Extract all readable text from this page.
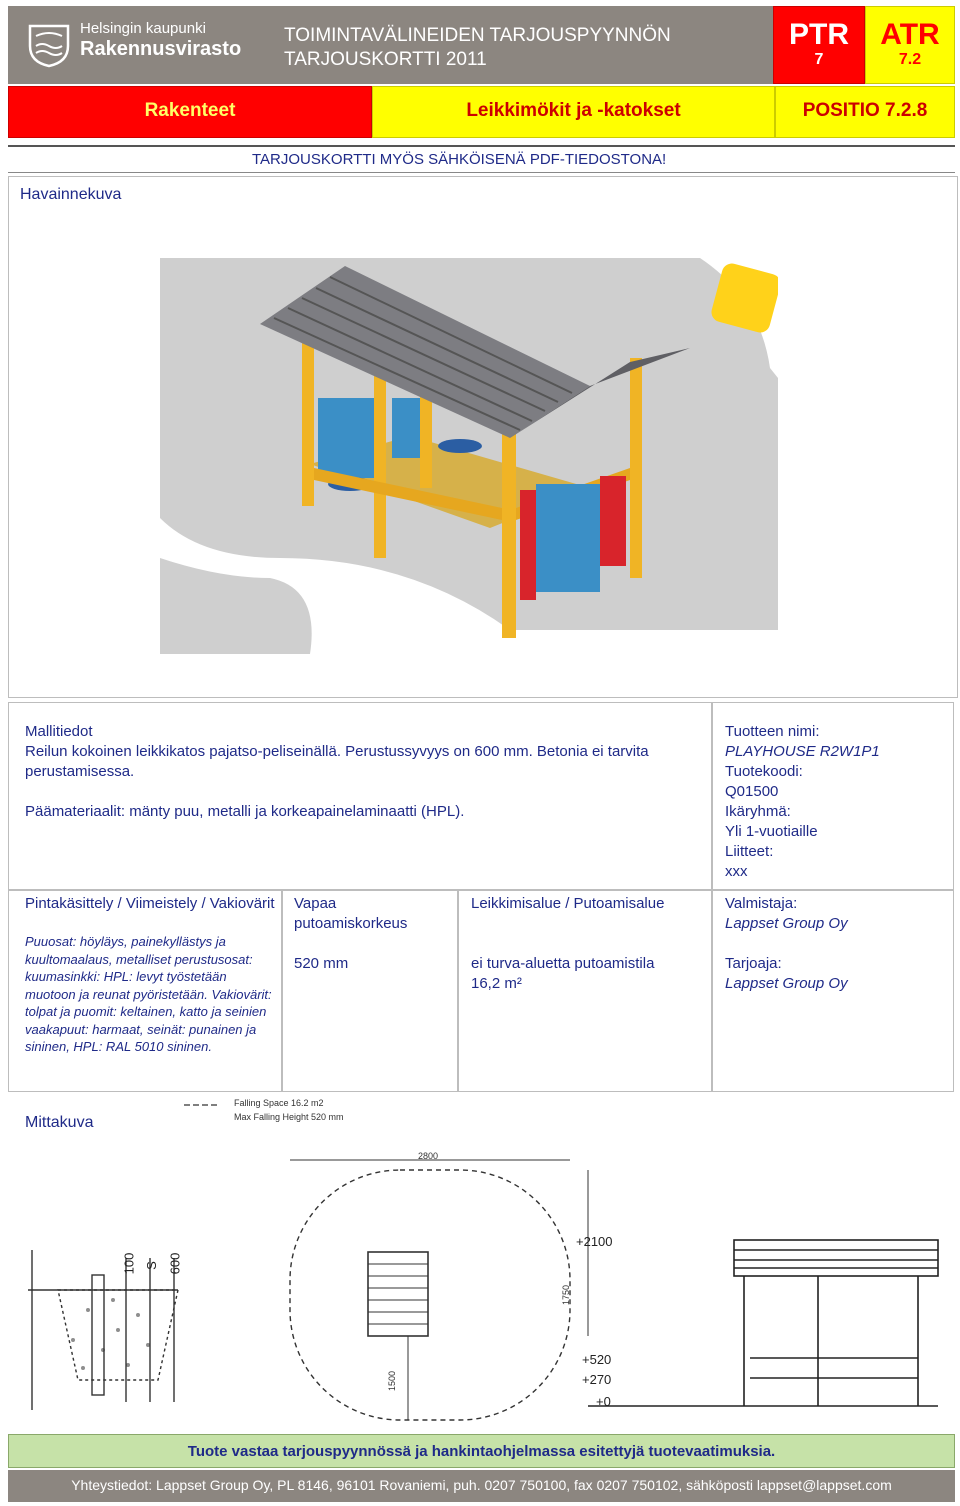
Helsingin kaupunki
Rakennusvirasto
TOIMINTAVÄLINEIDEN TARJOUSPYYNNÖN
TARJOUSKORTTI 2011
PTR
7
ATR
7.2
Rakenteet	Leikkimökit ja -katokset	POSITIO 7.2.8
TARJOUSKORTTI MYÖS SÄHKÖISENÄ PDF-TIEDOSTONA!
Havainnekuva
Mallitiedot
Reilun kokoinen leikkikatos pajatso-peliseinällä. Perustussyvyys on 600 mm. Betonia ei tarvita perustamisessa.
Päämateriaalit: mänty puu, metalli ja korkeapainelaminaatti (HPL).
Tuotteen nimi:
PLAYHOUSE R2W1P1
Tuotekoodi:
Q01500
Ikäryhmä:
Yli 1-vuotiaille
Liitteet:
xxx
Pintakäsittely / Viimeistely / Vakiovärit
Puuosat: höyläys, painekyllästys ja kuultomaalaus, metalliset perustusosat: kuumasinkki: HPL: levyt työstetään muotoon ja reunat pyöristetään. Vakiovärit: tolpat ja puomit: keltainen, katto ja seinien vaakapuut: harmaat, seinät: punainen ja sininen, HPL: RAL 5010 sininen.
Vapaa putoamiskorkeus
520 mm
Leikkimisalue / Putoamisalue
ei turva-aluetta putoamistila 16,2 m²
Valmistaja:
Lappset Group Oy
Tarjoaja:
Lappset Group Oy
Mittakuva
Falling Space 16.2 m2
Max Falling Height 520 mm
2800
1750
1500
100 S 600
+2100
+520
+270
+0
Tuote vastaa tarjouspyynnössä ja hankintaohjelmassa esitettyjä tuotevaatimuksia.
Yhteystiedot: Lappset Group Oy, PL 8146, 96101 Rovaniemi, puh. 0207 750100, fax 0207 750102, sähköposti lappset@lappset.com
